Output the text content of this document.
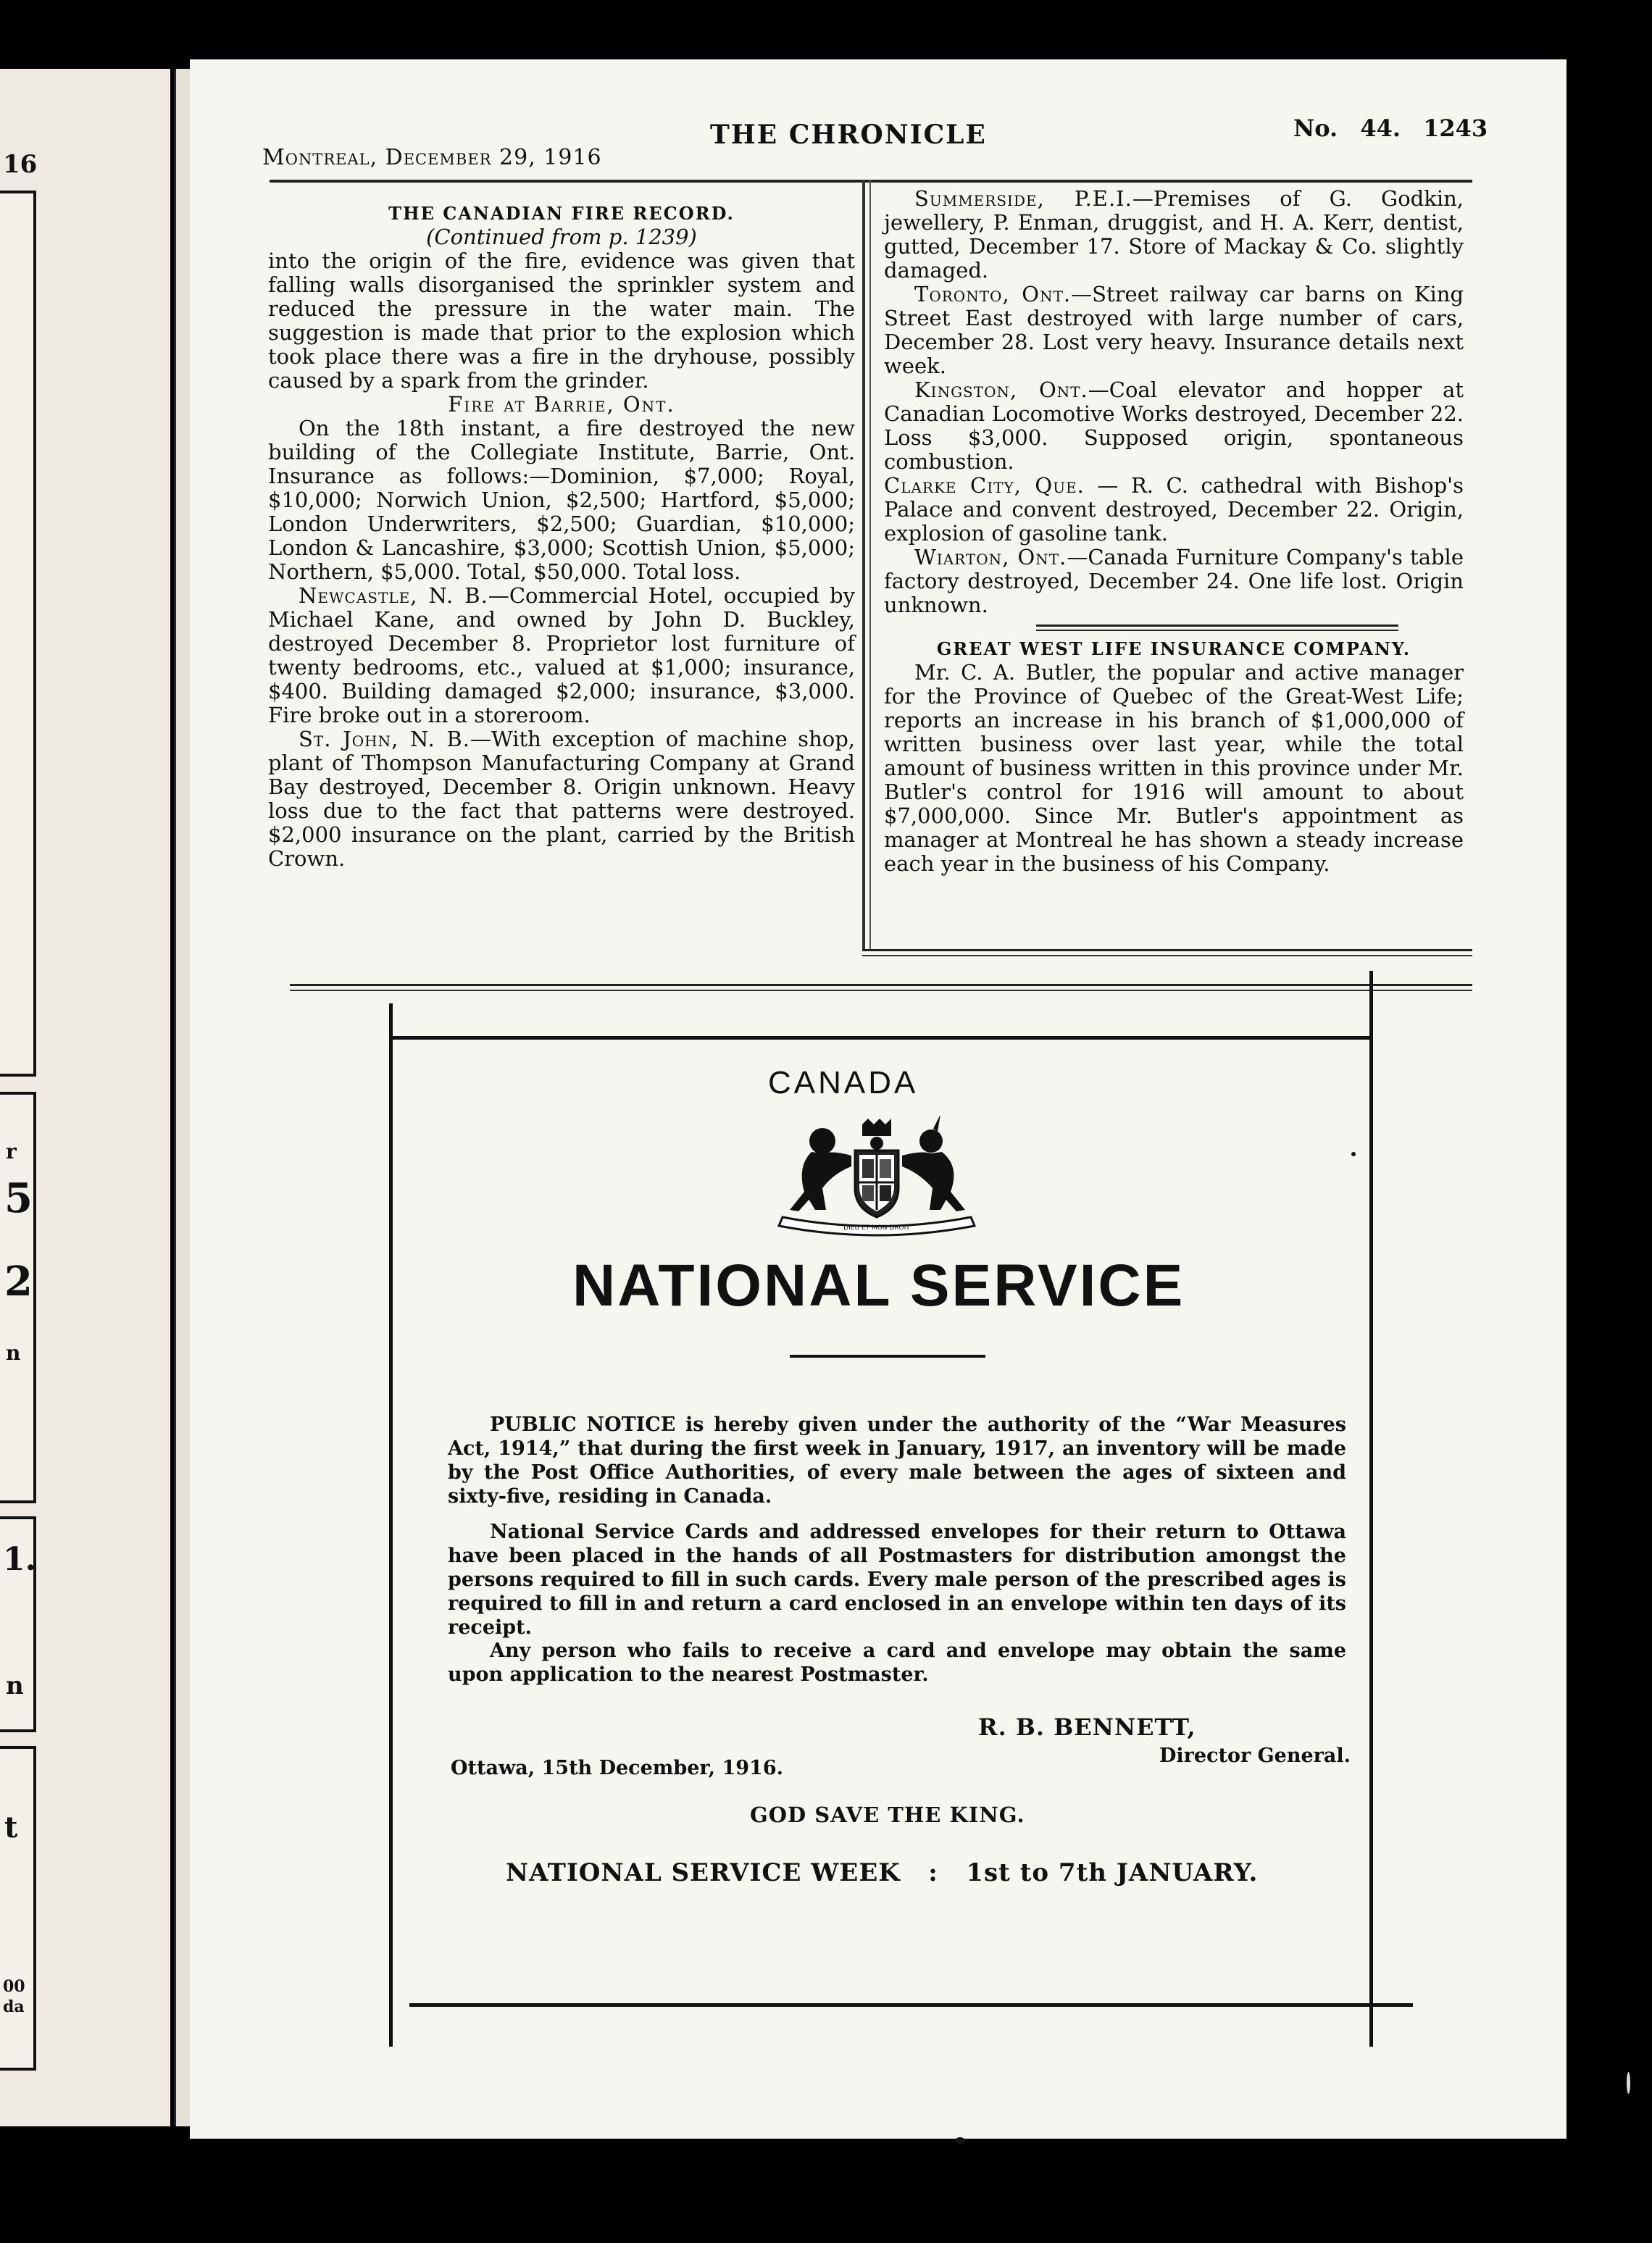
16
r
5
2
n
1.
n
t
00
da
Montreal, December 29, 1916
THE CHRONICLE	No. 44. 1243

THE CANADIAN FIRE RECORD.

(Continued from p. 1239)

into the origin of the fire, evidence was given that falling walls disorganised the sprinkler system and reduced the pressure in the water main. The suggestion is made that prior to the explosion which took place there was a fire in the dryhouse, possibly caused by a spark from the grinder.

Fire at Barrie, Ont.

On the 18th instant, a fire destroyed the new building of the Collegiate Institute, Barrie, Ont. Insurance as follows:—Dominion, $7,000; Royal, $10,000; Norwich Union, $2,500; Hartford, $5,000; London Underwriters, $2,500; Guardian, $10,000; London & Lancashire, $3,000; Scottish Union, $5,000; Northern, $5,000. Total, $50,000. Total loss.

Newcastle, N. B.—Commercial Hotel, occupied by Michael Kane, and owned by John D. Buckley, destroyed December 8. Proprietor lost furniture of twenty bedrooms, etc., valued at $1,000; insurance, $400. Building damaged $2,000; insurance, $3,000. Fire broke out in a storeroom.

St. John, N. B.—With exception of machine shop, plant of Thompson Manufacturing Company at Grand Bay destroyed, December 8. Origin unknown. Heavy loss due to the fact that patterns were destroyed. $2,000 insurance on the plant, carried by the British Crown.

Summerside, P.E.I.—Premises of G. Godkin, jewellery, P. Enman, druggist, and H. A. Kerr, dentist, gutted, December 17. Store of Mackay & Co. slightly damaged.

Toronto, Ont.—Street railway car barns on King Street East destroyed with large number of cars, December 28. Lost very heavy. Insurance details next week.

Kingston, Ont.—Coal elevator and hopper at Canadian Locomotive Works destroyed, December 22. Loss $3,000. Supposed origin, spontaneous combustion.

Clarke City, Que. — R. C. cathedral with Bishop's Palace and convent destroyed, December 22. Origin, explosion of gasoline tank.

Wiarton, Ont.—Canada Furniture Company's table factory destroyed, December 24. One life lost. Origin unknown.

GREAT WEST LIFE INSURANCE COMPANY.

Mr. C. A. Butler, the popular and active manager for the Province of Quebec of the Great-West Life; reports an increase in his branch of $1,000,000 of written business over last year, while the total amount of business written in this province under Mr. Butler's control for 1916 will amount to about $7,000,000. Since Mr. Butler's appointment as manager at Montreal he has shown a steady increase each year in the business of his Company.

CANADA
DIEU ET MON DROIT
NATIONAL SERVICE

PUBLIC NOTICE is hereby given under the authority of the “War Measures Act, 1914,” that during the first week in January, 1917, an inventory will be made by the Post Office Authorities, of every male between the ages of sixteen and sixty-five, residing in Canada.

National Service Cards and addressed envelopes for their return to Ottawa have been placed in the hands of all Postmasters for distribution amongst the persons required to fill in such cards. Every male person of the prescribed ages is required to fill in and return a card enclosed in an envelope within ten days of its receipt.

Any person who fails to receive a card and envelope may obtain the same upon application to the nearest Postmaster.

R. B. BENNETT,
Director General.
Ottawa, 15th December, 1916.
GOD SAVE THE KING.
NATIONAL SERVICE WEEK   :   1st to 7th JANUARY.
